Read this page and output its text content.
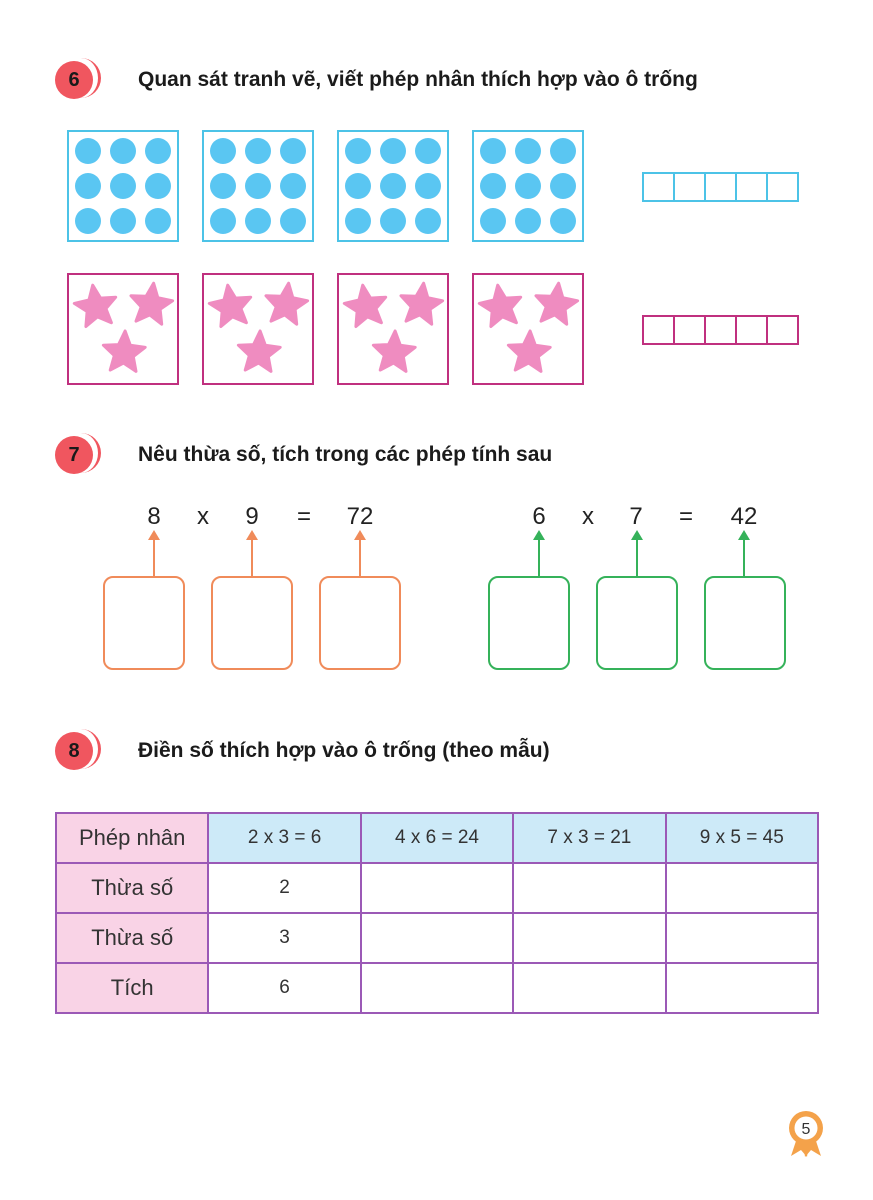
6	Quan sát tranh vẽ, viết phép nhân thích hợp vào ô trống
7	Nêu thừa số, tích trong các phép tính sau
8	x	9	=	72	6	x	7	=	42
8	Điền số thích hợp vào ô trống (theo mẫu)
Phép nhân	2 x 3 = 6	4 x 6 = 24	7 x 3 = 21	9 x 5 = 45
Thừa số	2			
Thừa số	3			
Tích	6			
5
